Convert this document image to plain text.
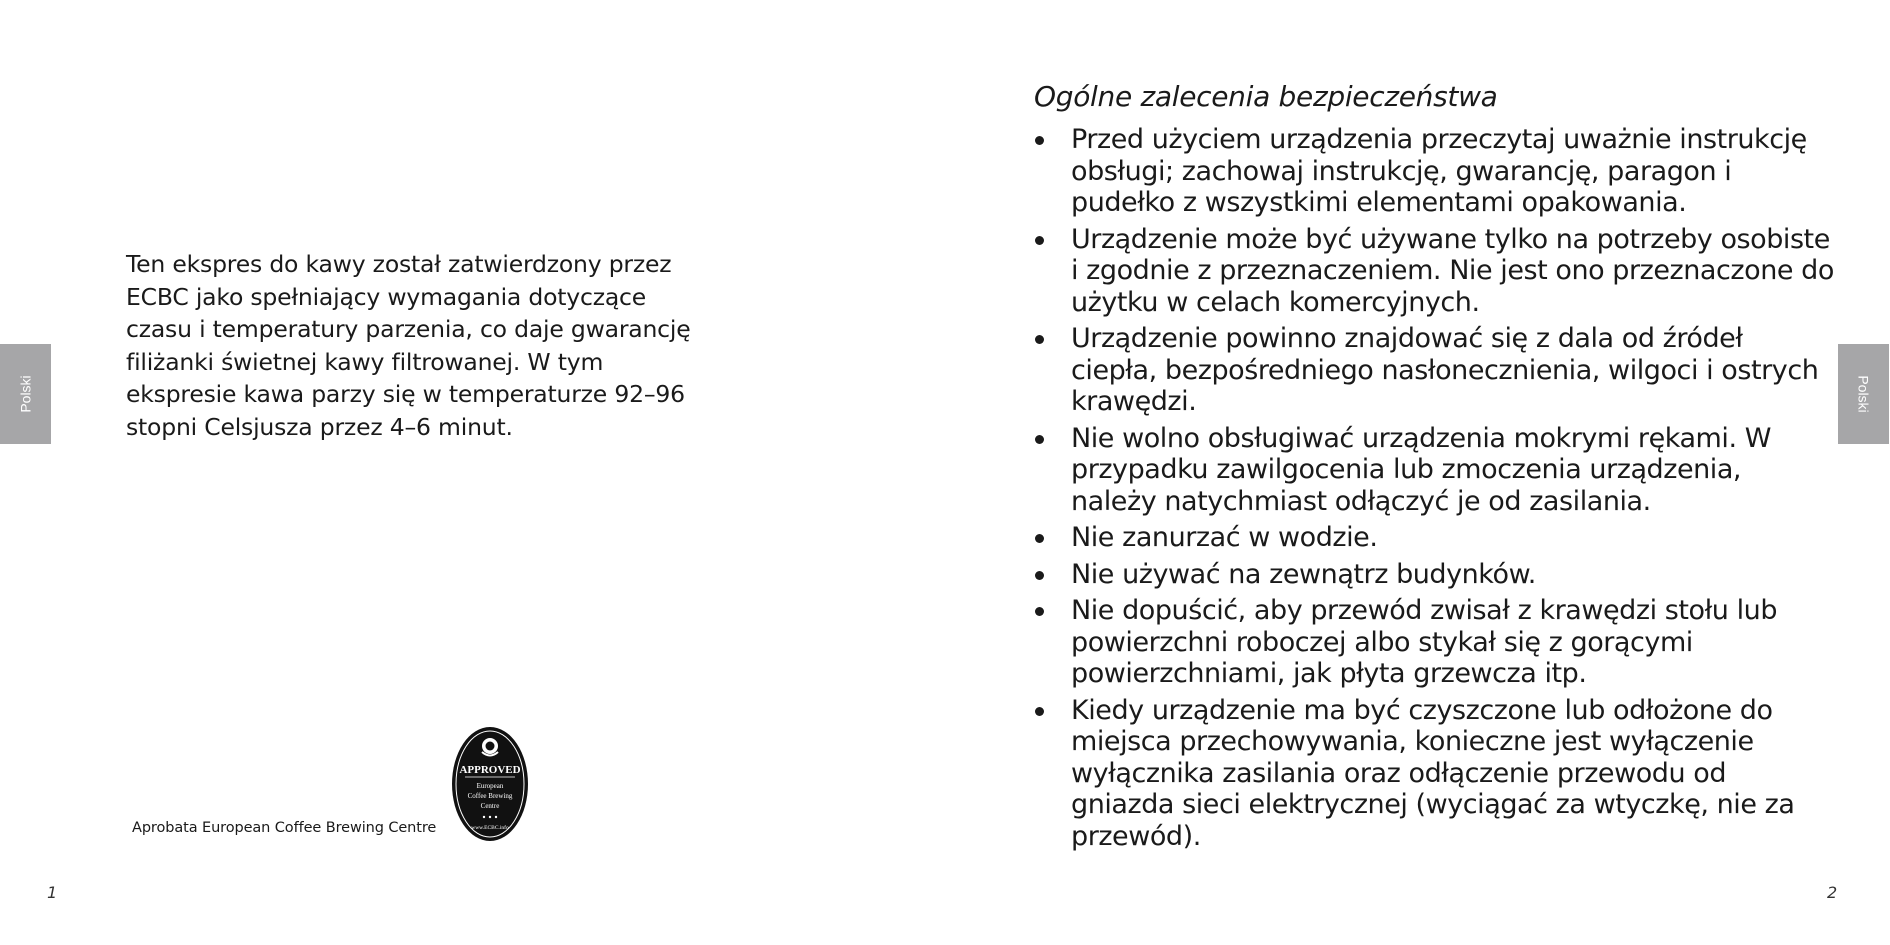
Polski

Ten ekspres do kawy został zatwierdzony przez ECBC jako spełniający wymagania dotyczące czasu i temperatury parzenia, co daje gwarancję filiżanki świetnej kawy filtrowanej. W tym ekspresie kawa parzy się w temperaturze 92–96 stopni Celsjusza przez 4–6 minut.

APPROVED
European
Coffee Brewing
Centre
www.ECBC.info

Aprobata European Coffee Brewing Centre

1
Ogólne zalecenia bezpieczeństwa
Przed użyciem urządzenia przeczytaj uważnie instrukcję obsługi; zachowaj instrukcję, gwarancję, paragon i pudełko z wszystkimi elementami opakowania.
Urządzenie może być używane tylko na potrzeby osobiste i zgodnie z przeznaczeniem. Nie jest ono przeznaczone do użytku w celach komercyjnych.
Urządzenie powinno znajdować się z dala od źródeł ciepła, bezpośredniego nasłonecznienia, wilgoci i ostrych krawędzi.
Nie wolno obsługiwać urządzenia mokrymi rękami. W przypadku zawilgocenia lub zmoczenia urządzenia, należy natychmiast odłączyć je od zasilania.
Nie zanurzać w wodzie.
Nie używać na zewnątrz budynków.
Nie dopuścić, aby przewód zwisał z krawędzi stołu lub powierzchni roboczej albo stykał się z gorącymi powierzchniami, jak płyta grzewcza itp.
Kiedy urządzenie ma być czyszczone lub odłożone do miejsca przechowywania, konieczne jest wyłączenie wyłącznika zasilania oraz odłączenie przewodu od gniazda sieci elektrycznej (wyciągać za wtyczkę, nie za przewód).
Polski
2
